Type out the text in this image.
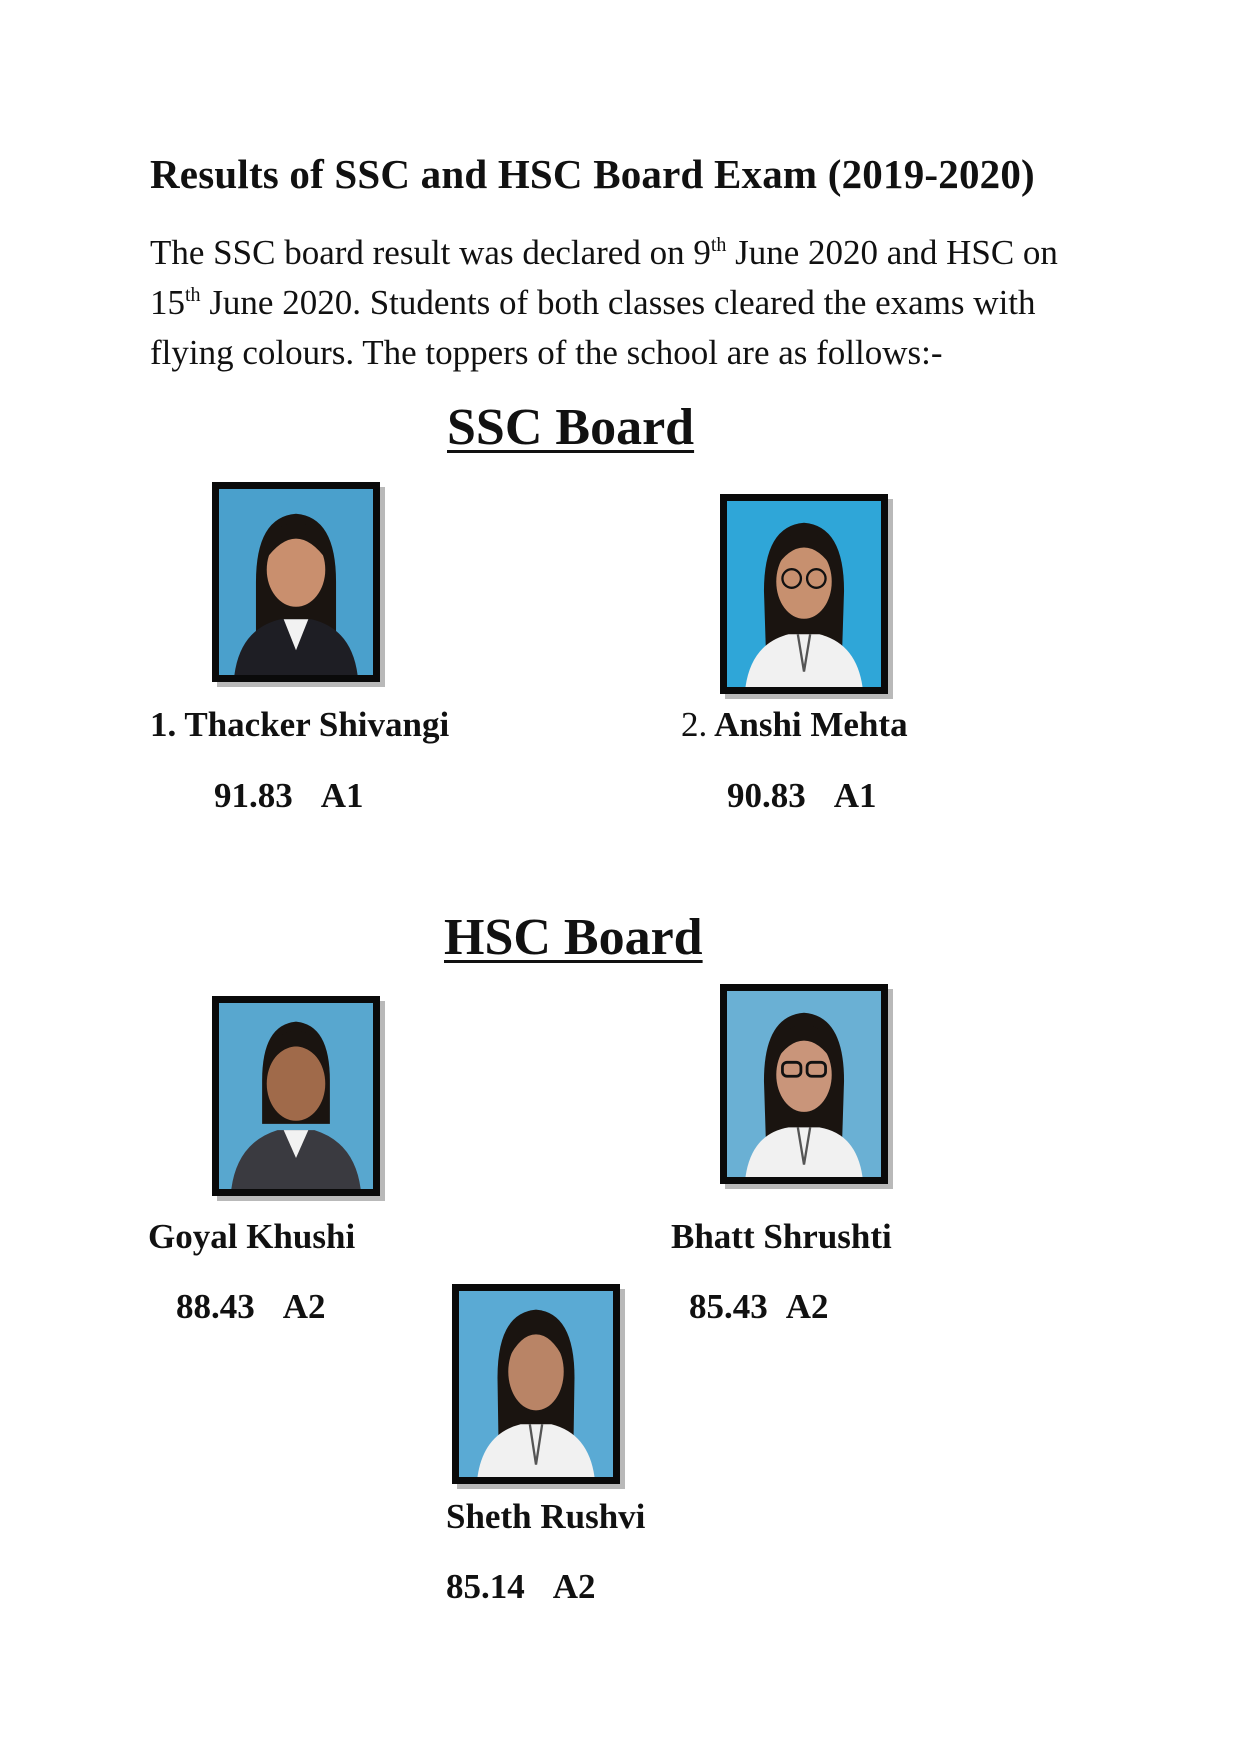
Results of SSC and HSC Board Exam (2019-2020)

The SSC board result was declared on 9th June 2020 and HSC on

15th June 2020. Students of both classes cleared the exams with

flying colours. The toppers of the school are as follows:-

SSC Board
1. Thacker Shivangi
91.83 A1
2. Anshi Mehta
90.83 A1
HSC Board
Goyal Khushi
88.43 A2
Bhatt Shrushti
85.43 A2
Sheth Rushvi
85.14 A2
